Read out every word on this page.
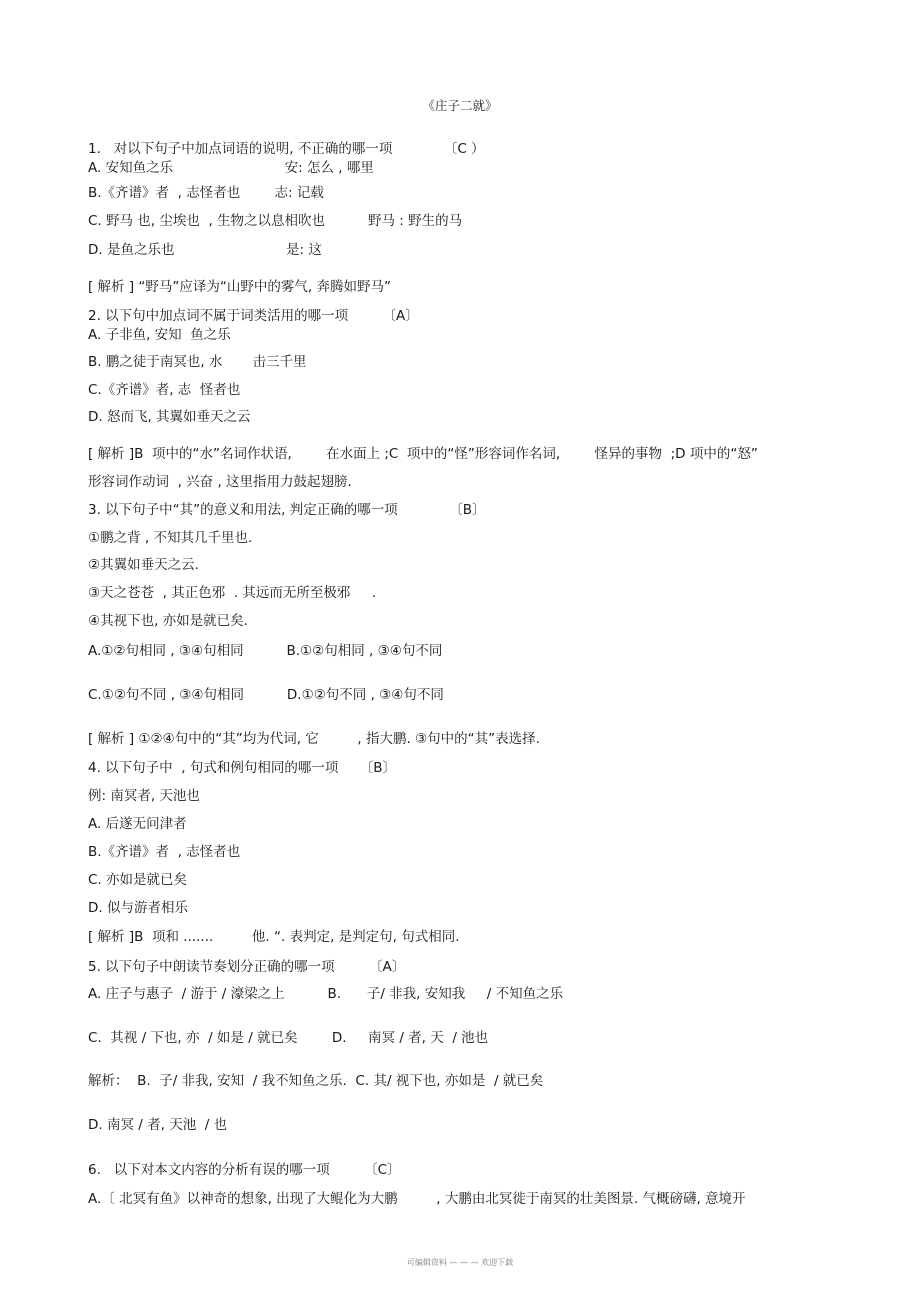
《庄子二就》
1.   对以下句子中加点词语的说明, 不正确的哪一项            〔C ）
A. 安知鱼之乐                          安: 怎么 , 哪里
B.《齐谱》者  , 志怪者也        志: 记载
C. 野马 也, 尘埃也  , 生物之以息相吹也          野马 : 野生的马
D. 是鱼之乐也                          是: 这
[ 解析 ] “野马”应译为“山野中的雾气, 奔腾如野马”
2. 以下句中加点词不属于词类活用的哪一项        〔A〕
A. 子非鱼, 安知  鱼之乐
B. 鹏之徒于南冥也, 水       击三千里
C.《齐谱》者, 志  怪者也
D. 怒而飞, 其翼如垂天之云
[ 解析 ]B  项中的“水”名词作状语,        在水面上 ;C  项中的“怪”形容词作名词,        怪异的事物  ;D 项中的“怒”
形容词作动词  , 兴奋 , 这里指用力鼓起翅膀.
3. 以下句子中“其”的意义和用法, 判定正确的哪一项            〔B〕
①鹏之背 , 不知其几千里也.
②其翼如垂天之云.
③天之苍苍  , 其正色邪  . 其远而无所至极邪     .
④其视下也, 亦如是就已矣.
A.①②句相同 , ③④句相同          B.①②句相同 , ③④句不同
C.①②句不同 , ③④句相同          D.①②句不同 , ③④句不同
[ 解析 ] ①②④句中的“其”均为代词, 它         , 指大鹏. ③句中的“其”表选择.
4. 以下句子中  , 句式和例句相同的哪一项     〔B〕
例: 南冥者, 天池也
A. 后遂无问津者
B.《齐谱》者  , 志怪者也
C. 亦如是就已矣
D. 似与游者相乐
[ 解析 ]B  项和 .......         他. “. 表判定, 是判定句, 句式相同.
5. 以下句子中朗读节奏划分正确的哪一项        〔A〕
A. 庄子与惠子  / 游于 / 濠梁之上          B.      子/ 非我, 安知我     / 不知鱼之乐
C.  其视 / 下也, 亦  / 如是 / 就已矣        D.     南冥 / 者, 天  / 池也
解析：  B.  子/ 非我, 安知  / 我不知鱼之乐.  C. 其/ 视下也, 亦如是  / 就已矣
D. 南冥 / 者, 天池  / 也
6.   以下对本文内容的分析有误的哪一项        〔C〕
A.〔 北冥有鱼》以神奇的想象, 出现了大鲲化为大鹏         , 大鹏由北冥徙于南冥的壮美图景. 气概磅礴, 意境开
可编辑资料 — — — 欢迎下载
